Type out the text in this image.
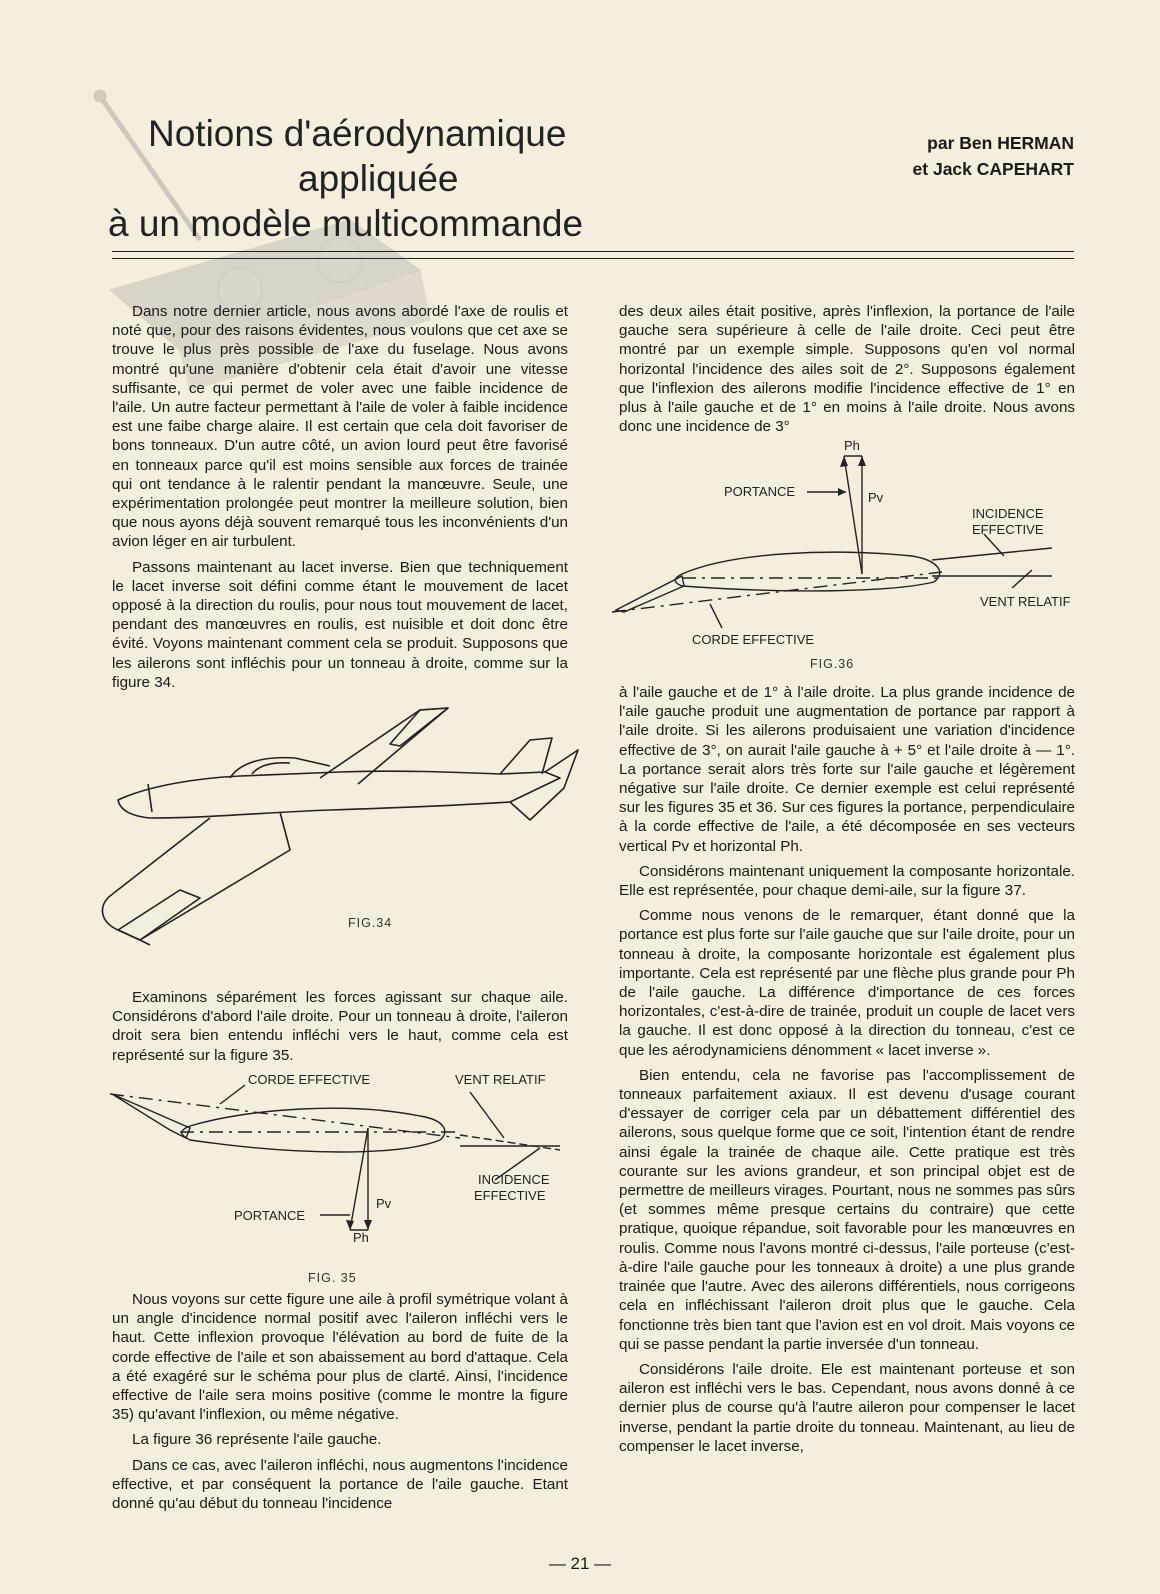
Notions d'aérodynamique
appliquée
à un modèle multicommande
par Ben HERMAN
et Jack CAPEHART

Dans notre dernier article, nous avons abordé l'axe de roulis et noté que, pour des raisons évidentes, nous voulons que cet axe se trouve le plus près possible de l'axe du fuselage. Nous avons montré qu'une manière d'obtenir cela était d'avoir une vitesse suffisante, ce qui permet de voler avec une faible incidence de l'aile. Un autre facteur permettant à l'aile de voler à faible incidence est une faibe charge alaire. Il est certain que cela doit favoriser de bons tonneaux. D'un autre côté, un avion lourd peut être favorisé en tonneaux parce qu'il est moins sensible aux forces de trainée qui ont tendance à le ralentir pendant la manœuvre. Seule, une expérimentation prolongée peut montrer la meilleure solution, bien que nous ayons déjà souvent remarqué tous les inconvénients d'un avion léger en air turbulent.

Passons maintenant au lacet inverse. Bien que techniquement le lacet inverse soit défini comme étant le mouvement de lacet opposé à la direction du roulis, pour nous tout mouvement de lacet, pendant des manœuvres en roulis, est nuisible et doit donc être évité. Voyons maintenant comment cela se produit. Supposons que les ailerons sont infléchis pour un tonneau à droite, comme sur la figure 34.

FIG.34

Examinons séparément les forces agissant sur chaque aile. Considérons d'abord l'aile droite. Pour un tonneau à droite, l'aileron droit sera bien entendu infléchi vers le haut, comme cela est représenté sur la figure 35.

CORDE EFFECTIVE	VENT RELATIF
INCIDENCE
EFFECTIVE
PORTANCE
Pv
Ph
FIG. 35

Nous voyons sur cette figure une aile à profil symétrique volant à un angle d'incidence normal positif avec l'aileron infléchi vers le haut. Cette inflexion provoque l'élévation au bord de fuite de la corde effective de l'aile et son abaissement au bord d'attaque. Cela a été exagéré sur le schéma pour plus de clarté. Ainsi, l'incidence effective de l'aile sera moins positive (comme le montre la figure 35) qu'avant l'inflexion, ou même négative.

La figure 36 représente l'aile gauche.

Dans ce cas, avec l'aileron infléchi, nous augmentons l'incidence effective, et par conséquent la portance de l'aile gauche. Etant donné qu'au début du tonneau l'incidence

des deux ailes était positive, après l'inflexion, la portance de l'aile gauche sera supérieure à celle de l'aile droite. Ceci peut être montré par un exemple simple. Supposons qu'en vol normal horizontal l'incidence des ailes soit de 2°. Supposons également que l'inflexion des ailerons modifie l'incidence effective de 1° en plus à l'aile gauche et de 1° en moins à l'aile droite. Nous avons donc une incidence de 3°

Ph
PORTANCE	Pv
INCIDENCE
EFFECTIVE
VENT RELATIF
CORDE EFFECTIVE
FIG.36

à l'aile gauche et de 1° à l'aile droite. La plus grande incidence de l'aile gauche produit une augmentation de portance par rapport à l'aile droite. Si les ailerons produisaient une variation d'incidence effective de 3°, on aurait l'aile gauche à + 5° et l'aile droite à — 1°. La portance serait alors très forte sur l'aile gauche et légèrement négative sur l'aile droite. Ce dernier exemple est celui représenté sur les figures 35 et 36. Sur ces figures la portance, perpendiculaire à la corde effective de l'aile, a été décomposée en ses vecteurs vertical Pv et horizontal Ph.

Considérons maintenant uniquement la composante horizontale. Elle est représentée, pour chaque demi-aile, sur la figure 37.

Comme nous venons de le remarquer, étant donné que la portance est plus forte sur l'aile gauche que sur l'aile droite, pour un tonneau à droite, la composante horizontale est également plus importante. Cela est représenté par une flèche plus grande pour Ph de l'aile gauche. La différence d'importance de ces forces horizontales, c'est-à-dire de trainée, produit un couple de lacet vers la gauche. Il est donc opposé à la direction du tonneau, c'est ce que les aérodynamiciens dénomment « lacet inverse ».

Bien entendu, cela ne favorise pas l'accomplissement de tonneaux parfaitement axiaux. Il est devenu d'usage courant d'essayer de corriger cela par un débattement différentiel des ailerons, sous quelque forme que ce soit, l'intention étant de rendre ainsi égale la trainée de chaque aile. Cette pratique est très courante sur les avions grandeur, et son principal objet est de permettre de meilleurs virages. Pourtant, nous ne sommes pas sûrs (et sommes même presque certains du contraire) que cette pratique, quoique répandue, soit favorable pour les manœuvres en roulis. Comme nous l'avons montré ci-dessus, l'aile porteuse (c'est-à-dire l'aile gauche pour les tonneaux à droite) a une plus grande trainée que l'autre. Avec des ailerons différentiels, nous corrigeons cela en infléchissant l'aileron droit plus que le gauche. Cela fonctionne très bien tant que l'avion est en vol droit. Mais voyons ce qui se passe pendant la partie inversée d'un tonneau.

Considérons l'aile droite. Ele est maintenant porteuse et son aileron est infléchi vers le bas. Cependant, nous avons donné à ce dernier plus de course qu'à l'autre aileron pour compenser le lacet inverse, pendant la partie droite du tonneau. Maintenant, au lieu de compenser le lacet inverse,

— 21 —
